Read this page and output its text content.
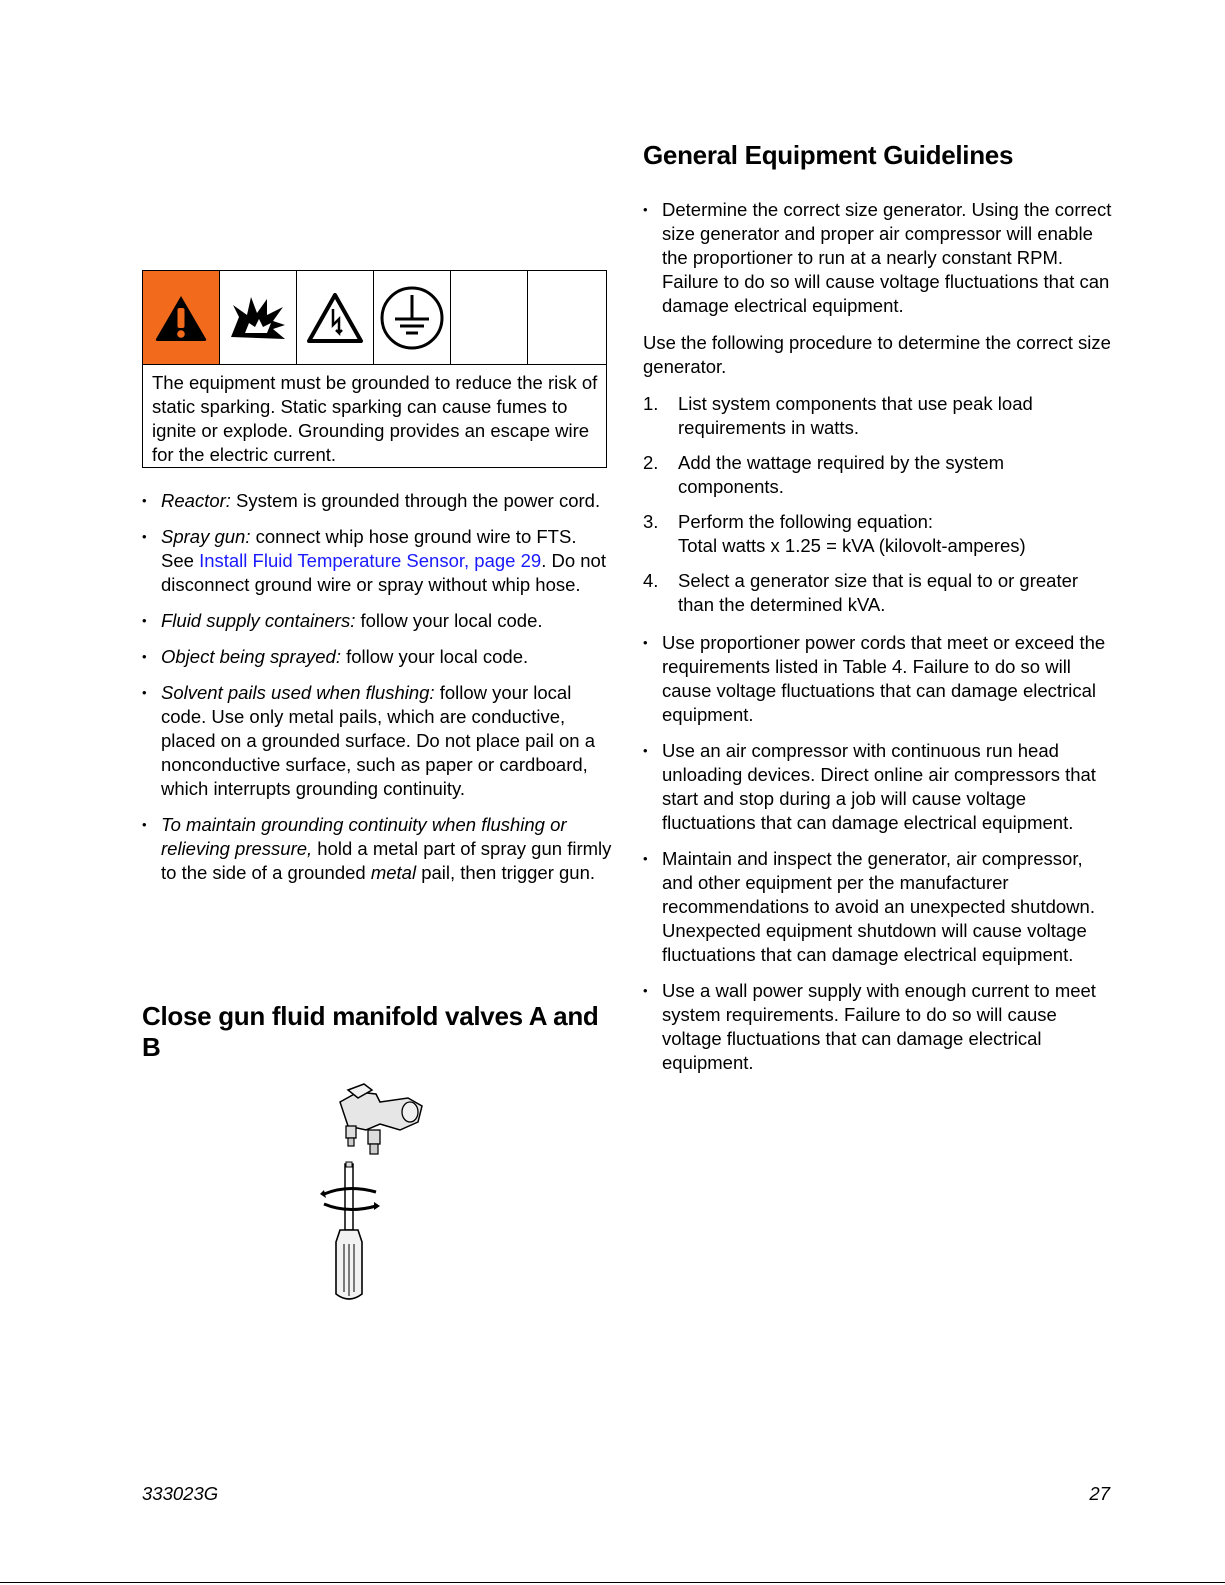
The equipment must be grounded to reduce the risk of static sparking. Static sparking can cause fumes to ignite or explode. Grounding provides an escape wire for the electric current.
• Reactor: System is grounded through the power cord.
• Spray gun: connect whip hose ground wire to FTS. See Install Fluid Temperature Sensor, page 29. Do not disconnect ground wire or spray without whip hose.
• Fluid supply containers: follow your local code.
• Object being sprayed: follow your local code.
• Solvent pails used when flushing: follow your local code. Use only metal pails, which are conductive, placed on a grounded surface. Do not place pail on a nonconductive surface, such as paper or cardboard, which interrupts grounding continuity.
• To maintain grounding continuity when flushing or relieving pressure, hold a metal part of spray gun firmly to the side of a grounded metal pail, then trigger gun.
Close gun fluid manifold valves A and B
General Equipment Guidelines
• Determine the correct size generator. Using the correct size generator and proper air compressor will enable the proportioner to run at a nearly constant RPM. Failure to do so will cause voltage fluctuations that can damage electrical equipment.

Use the following procedure to determine the correct size generator.

1. List system components that use peak load requirements in watts.
2. Add the wattage required by the system components.
3. Perform the following equation:
Total watts x 1.25 = kVA (kilovolt-amperes)
4. Select a generator size that is equal to or greater than the determined kVA.
• Use proportioner power cords that meet or exceed the requirements listed in Table 4. Failure to do so will cause voltage fluctuations that can damage electrical equipment.
• Use an air compressor with continuous run head unloading devices. Direct online air compressors that start and stop during a job will cause voltage fluctuations that can damage electrical equipment.
• Maintain and inspect the generator, air compressor, and other equipment per the manufacturer recommendations to avoid an unexpected shutdown. Unexpected equipment shutdown will cause voltage fluctuations that can damage electrical equipment.
• Use a wall power supply with enough current to meet system requirements. Failure to do so will cause voltage fluctuations that can damage electrical equipment.
333023G	27
